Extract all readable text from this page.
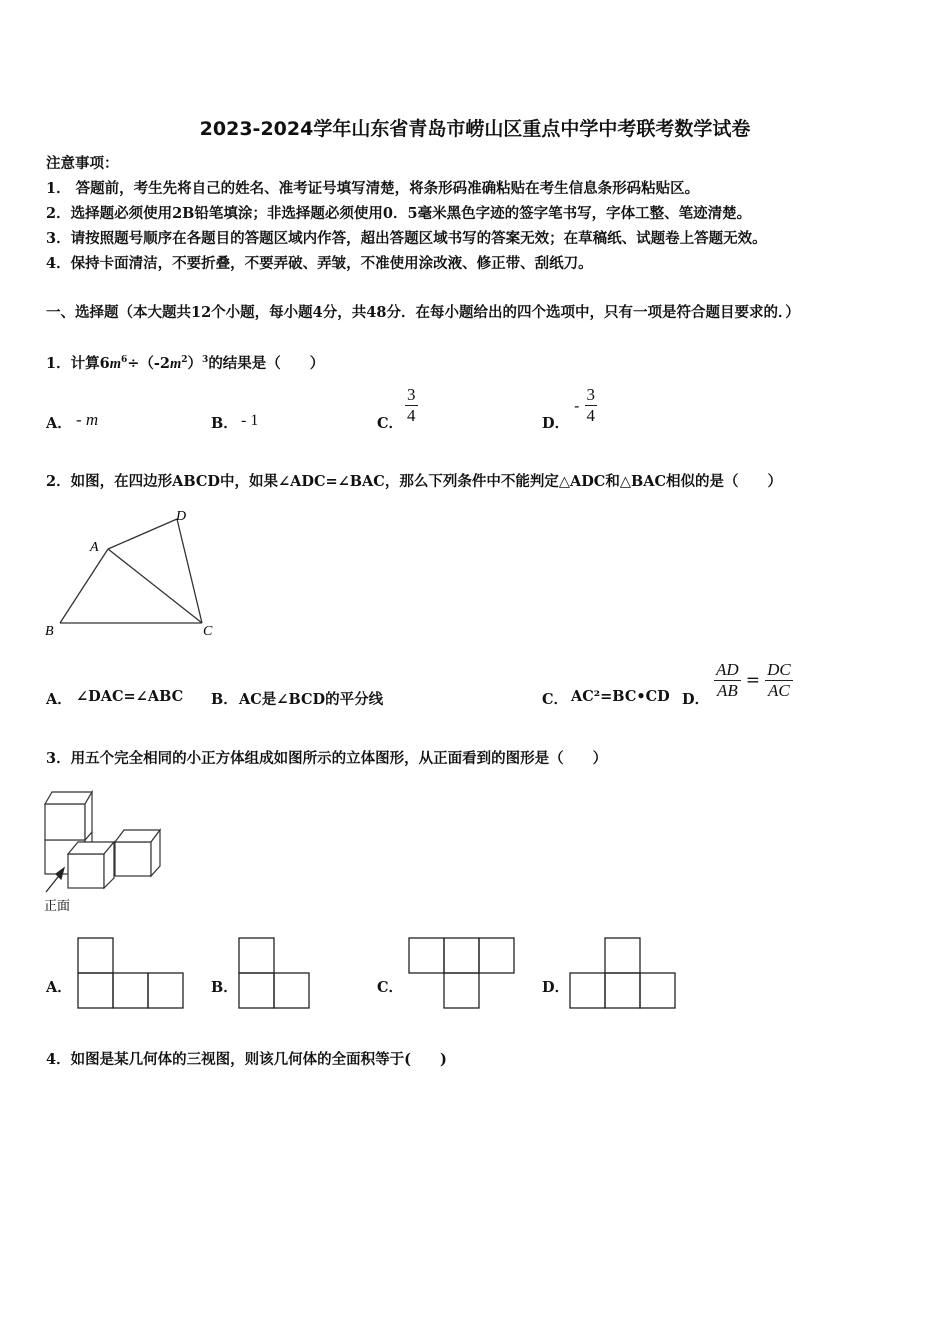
2023-2024学年山东省青岛市崂山区重点中学中考联考数学试卷
注意事项：
1． 答题前，考生先将自己的姓名、准考证号填写清楚，将条形码准确粘贴在考生信息条形码粘贴区。
2．选择题必须使用2B铅笔填涂；非选择题必须使用0．5毫米黑色字迹的签字笔书写，字体工整、笔迹清楚。
3．请按照题号顺序在各题目的答题区域内作答，超出答题区域书写的答案无效；在草稿纸、试题卷上答题无效。
4．保持卡面清洁，不要折叠，不要弄破、弄皱，不准使用涂改液、修正带、刮纸刀。
一、选择题（本大题共12个小题，每小题4分，共48分．在每小题给出的四个选项中，只有一项是符合题目要求的．）
1．计算$6m^6\div(-2m^2)^3$的结果是（　　）
A． - m	B． - 1	C． $\frac{3}{4}$	D．
- $\frac{3}{4}$
2．如图，在四边形ABCD中，如果∠ADC=∠BAC，那么下列条件中不能判定△ADC和△BAC相似的是（　　）
A
D
B	C
A． ∠DAC=∠ABC B． AC是∠BCD的平分线	C． AC²=BC•CD D． $\frac{AD}{AB} = \frac{DC}{AC}$
3．用五个完全相同的小正方体组成如图所示的立体图形，从正面看到的图形是（　　）
正面
A．	B．	C．	D．
4．如图是某几何体的三视图，则该几何体的全面积等于(　　)
